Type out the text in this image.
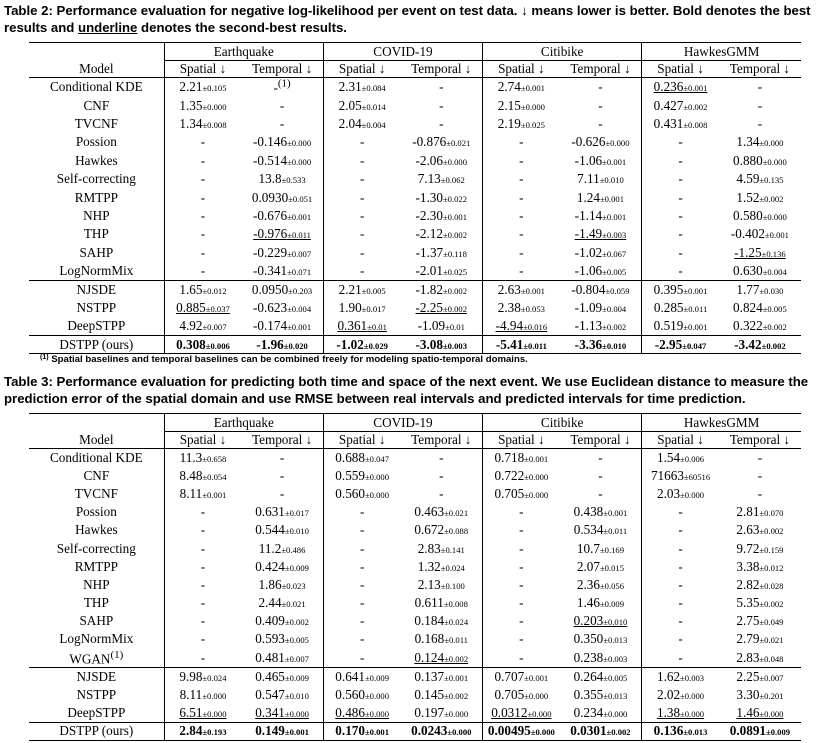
Table 2: Performance evaluation for negative log-likelihood per event on test data. ↓ means lower is better. Bold denotes the best results and underline denotes the second-best results.
	Earthquake		COVID-19		Citibike		HawkesGMM	
Model	Spatial ↓	Temporal ↓	Spatial ↓	Temporal ↓	Spatial ↓	Temporal ↓	Spatial ↓	Temporal ↓
Conditional KDE	2.21±0.105	-$^{(1)}$	2.31±0.084	-	2.74±0.001	-	0.236±0.001	-
CNF	1.35±0.000	-	2.05±0.014	-	2.15±0.000	-	0.427±0.002	-
TVCNF	1.34±0.008	-	2.04±0.004	-	2.19±0.025	-	0.431±0.008	-
Possion	-	-0.146±0.000	-	-0.876±0.021	-	-0.626±0.000	-	1.34±0.000
Hawkes	-	-0.514±0.000	-	-2.06±0.000	-	-1.06±0.001	-	0.880±0.000
Self-correcting	-	13.8±0.533	-	7.13±0.062	-	7.11±0.010	-	4.59±0.135
RMTPP	-	0.0930±0.051	-	-1.30±0.022	-	1.24±0.001	-	1.52±0.002
NHP	-	-0.676±0.001	-	-2.30±0.001	-	-1.14±0.001	-	0.580±0.000
THP	-	-0.976±0.011	-	-2.12±0.002	-	-1.49±0.003	-	-0.402±0.001
SAHP	-	-0.229±0.007	-	-1.37±0.118	-	-1.02±0.067	-	-1.25±0.136
LogNormMix	-	-0.341±0.071	-	-2.01±0.025	-	-1.06±0.005	-	0.630±0.004
NJSDE	1.65±0.012	0.0950±0.203	2.21±0.005	-1.82±0.002	2.63±0.001	-0.804±0.059	0.395±0.001	1.77±0.030
NSTPP	0.885±0.037	-0.623±0.004	1.90±0.017	-2.25±0.002	2.38±0.053	-1.09±0.004	0.285±0.011	0.824±0.005
DeepSTPP	4.92±0.007	-0.174±0.001	0.361±0.01	-1.09±0.01	-4.94±0.016	-1.13±0.002	0.519±0.001	0.322±0.002
DSTPP (ours)	0.308±0.006	-1.96±0.020	-1.02±0.029	-3.08±0.003	-5.41±0.011	-3.36±0.010	-2.95±0.047	-3.42±0.002
$^{(1)}$ Spatial baselines and temporal baselines can be combined freely for modeling spatio-temporal domains.
Table 3: Performance evaluation for predicting both time and space of the next event. We use Euclidean distance to measure the prediction error of the spatial domain and use RMSE between real intervals and predicted intervals for time prediction.
	Earthquake		COVID-19		Citibike		HawkesGMM	
Model	Spatial ↓	Temporal ↓	Spatial ↓	Temporal ↓	Spatial ↓	Temporal ↓	Spatial ↓	Temporal ↓
Conditional KDE	11.3±0.658	-	0.688±0.047	-	0.718±0.001	-	1.54±0.006	-
CNF	8.48±0.054	-	0.559±0.000	-	0.722±0.000	-	71663±60516	-
TVCNF	8.11±0.001	-	0.560±0.000	-	0.705±0.000	-	2.03±0.000	-
Possion	-	0.631±0.017	-	0.463±0.021	-	0.438±0.001	-	2.81±0.070
Hawkes	-	0.544±0.010	-	0.672±0.088	-	0.534±0.011	-	2.63±0.002
Self-correcting	-	11.2±0.486	-	2.83±0.141	-	10.7±0.169	-	9.72±0.159
RMTPP	-	0.424±0.009	-	1.32±0.024	-	2.07±0.015	-	3.38±0.012
NHP	-	1.86±0.023	-	2.13±0.100	-	2.36±0.056	-	2.82±0.028
THP	-	2.44±0.021	-	0.611±0.008	-	1.46±0.009	-	5.35±0.002
SAHP	-	0.409±0.002	-	0.184±0.024	-	0.203±0.010	-	2.75±0.049
LogNormMix	-	0.593±0.005	-	0.168±0.011	-	0.350±0.013	-	2.79±0.021
WGAN$^{(1)}$	-	0.481±0.007	-	0.124±0.002	-	0.238±0.003	-	2.83±0.048
NJSDE	9.98±0.024	0.465±0.009	0.641±0.009	0.137±0.001	0.707±0.001	0.264±0.005	1.62±0.003	2.25±0.007
NSTPP	8.11±0.000	0.547±0.010	0.560±0.000	0.145±0.002	0.705±0.000	0.355±0.013	2.02±0.000	3.30±0.201
DeepSTPP	6.51±0.000	0.341±0.000	0.486±0.000	0.197±0.000	0.0312±0.000	0.234±0.000	1.38±0.000	1.46±0.000
DSTPP (ours)	2.84±0.193	0.149±0.001	0.170±0.001	0.0243±0.000	0.00495±0.000	0.0301±0.002	0.136±0.013	0.0891±0.009
